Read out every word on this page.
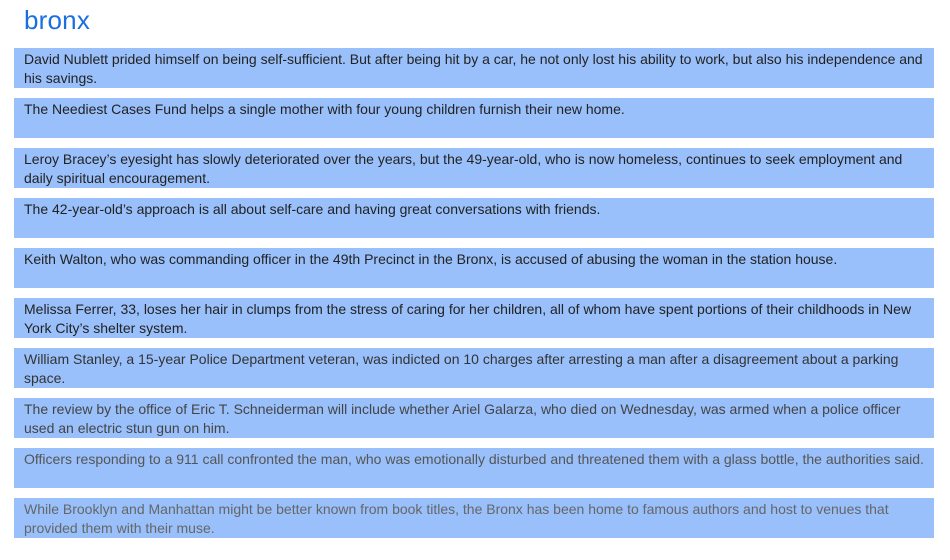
bronx
David Nublett prided himself on being self-sufficient. But after being hit by a car, he not only lost his ability to work, but also his independence and his savings.
The Neediest Cases Fund helps a single mother with four young children furnish their new home.
Leroy Bracey’s eyesight has slowly deteriorated over the years, but the 49-year-old, who is now homeless, continues to seek employment and daily spiritual encouragement.
The 42-year-old’s approach is all about self-care and having great conversations with friends.
Keith Walton, who was commanding officer in the 49th Precinct in the Bronx, is accused of abusing the woman in the station house.
Melissa Ferrer, 33, loses her hair in clumps from the stress of caring for her children, all of whom have spent portions of their childhoods in New York City’s shelter system.
William Stanley, a 15-year Police Department veteran, was indicted on 10 charges after arresting a man after a disagreement about a parking space.
The review by the office of Eric T. Schneiderman will include whether Ariel Galarza, who died on Wednesday, was armed when a police officer used an electric stun gun on him.
Officers responding to a 911 call confronted the man, who was emotionally disturbed and threatened them with a glass bottle, the authorities said.
While Brooklyn and Manhattan might be better known from book titles, the Bronx has been home to famous authors and host to venues that provided them with their muse.
